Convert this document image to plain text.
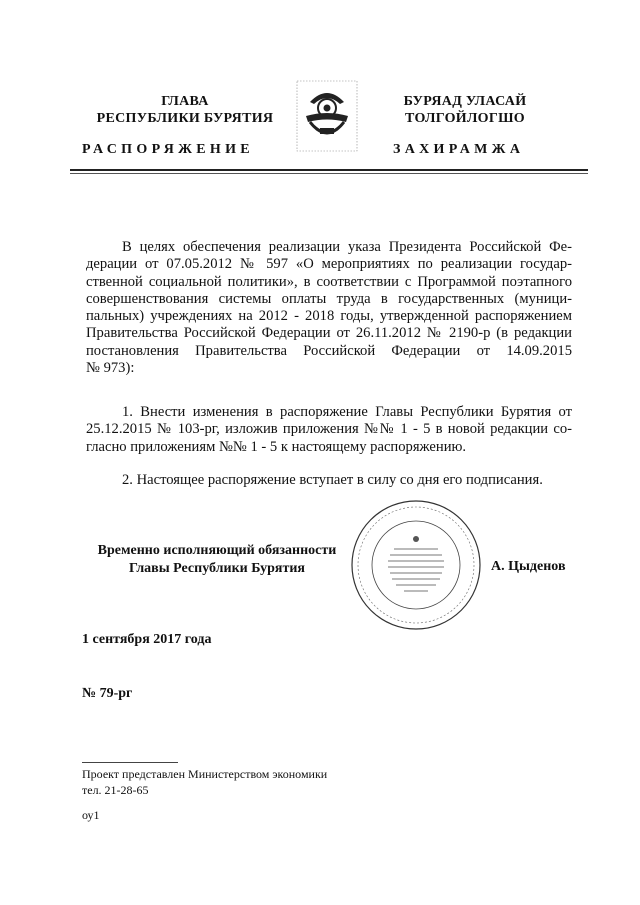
ГЛАВА
РЕСПУБЛИКИ БУРЯТИЯ
БУРЯАД УЛАСАЙ
ТОЛГОЙЛОГШО
РАСПОРЯЖЕНИЕ	ЗАХИРАМЖА
В целях обеспечения реализации указа Президента Российской Фе-
дерации от 07.05.2012 № 597 «О мероприятиях по реализации государ-
ственной социальной политики», в соответствии с Программой поэтапного
совершенствования системы оплаты труда в государственных (муници-
пальных) учреждениях на 2012 - 2018 годы, утвержденной распоряжением
Правительства Российской Федерации от 26.11.2012 № 2190-р (в редакции
постановления Правительства Российской Федерации от 14.09.2015
№ 973):
1. Внести изменения в распоряжение Главы Республики Бурятия от
25.12.2015 № 103-рг, изложив приложения №№ 1 - 5 в новой редакции со-
гласно приложениям №№ 1 - 5 к настоящему распоряжению.
2. Настоящее распоряжение вступает в силу со дня его подписания.
Временно исполняющий обязанности
Главы Республики Бурятия	А. Цыденов
1 сентября 2017 года
№ 79-рг
Проект представлен Министерством экономики
тел. 21-28-65
оу1
